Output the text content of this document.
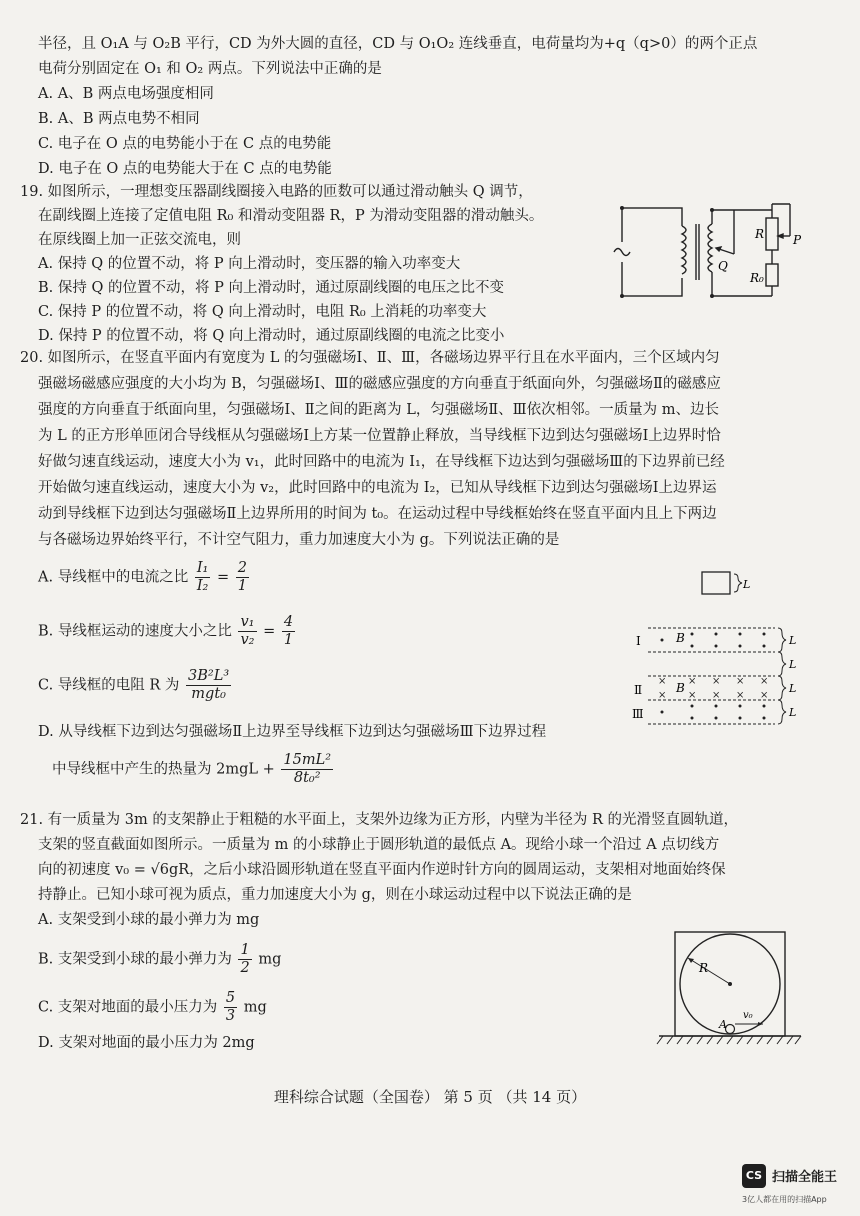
半径，且 O₁A 与 O₂B 平行，CD 为外大圆的直径，CD 与 O₁O₂ 连线垂直，电荷量均为+q（q>0）的两个正点
电荷分别固定在 O₁ 和 O₂ 两点。下列说法中正确的是
A. A、B 两点电场强度相同
B. A、B 两点电势不相同
C. 电子在 O 点的电势能小于在 C 点的电势能
D. 电子在 O 点的电势能大于在 C 点的电势能
19. 如图所示，一理想变压器副线圈接入电路的匝数可以通过滑动触头 Q 调节，
在副线圈上连接了定值电阻 R₀ 和滑动变阻器 R，P 为滑动变阻器的滑动触头。
在原线圈上加一正弦交流电，则
A. 保持 Q 的位置不动，将 P 向上滑动时，变压器的输入功率变大
B. 保持 Q 的位置不动，将 P 向上滑动时，通过原副线圈的电压之比不变
C. 保持 P 的位置不动，将 Q 向上滑动时，电阻 R₀ 上消耗的功率变大
D. 保持 P 的位置不动，将 Q 向上滑动时，通过原副线圈的电流之比变小
R P
Q
R₀
20. 如图所示，在竖直平面内有宽度为 L 的匀强磁场Ⅰ、Ⅱ、Ⅲ，各磁场边界平行且在水平面内，三个区域内匀
强磁场磁感应强度的大小均为 B，匀强磁场Ⅰ、Ⅲ的磁感应强度的方向垂直于纸面向外，匀强磁场Ⅱ的磁感应
强度的方向垂直于纸面向里，匀强磁场Ⅰ、Ⅱ之间的距离为 L，匀强磁场Ⅱ、Ⅲ依次相邻。一质量为 m、边长
为 L 的正方形单匝闭合导线框从匀强磁场Ⅰ上方某一位置静止释放，当导线框下边到达匀强磁场Ⅰ上边界时恰
好做匀速直线运动，速度大小为 v₁，此时回路中的电流为 I₁，在导线框下边达到匀强磁场Ⅲ的下边界前已经
开始做匀速直线运动，速度大小为 v₂，此时回路中的电流为 I₂，已知从导线框下边到达匀强磁场Ⅰ上边界运
动到导线框下边到达匀强磁场Ⅱ上边界所用的时间为 t₀。在运动过程中导线框始终在竖直平面内且上下两边
与各磁场边界始终平行，不计空气阻力，重力加速度大小为 g。下列说法正确的是
A. 导线框中的电流之比 $\frac{\text{I₁}}{\text{I₂}} = \frac{2}{1}$
B. 导线框运动的速度大小之比 $\frac{\text{v₁}}{\text{v₂}} = \frac{4}{1}$
C. 导线框的电阻 R 为 $\frac{\text{3B²L³}}{\text{mgt₀}}$
D. 从导线框下边到达匀强磁场Ⅱ上边界至导线框下边到达匀强磁场Ⅲ下边界过程
中导线框中产生的热量为 $2mgL + \frac{\text{15mL²}}{\text{8t₀²}}$
L
× × × × ×
× × × × ×
Ⅰ
Ⅱ
Ⅲ
B
B
L
L
L
L
21. 有一质量为 3m 的支架静止于粗糙的水平面上，支架外边缘为正方形，内壁为半径为 R 的光滑竖直圆轨道，
支架的竖直截面如图所示。一质量为 m 的小球静止于圆形轨道的最低点 A。现给小球一个沿过 A 点切线方
向的初速度 v₀ = √6gR，之后小球沿圆形轨道在竖直平面内作逆时针方向的圆周运动，支架相对地面始终保
持静止。已知小球可视为质点，重力加速度大小为 g，则在小球运动过程中以下说法正确的是
A. 支架受到小球的最小弹力为 mg
B. 支架受到小球的最小弹力为 $\frac{1}{2}$ mg
C. 支架对地面的最小压力为 $\frac{5}{3}$ mg
D. 支架对地面的最小压力为 2mg
R
A
v₀
理科综合试题（全国卷） 第 5 页 （共 14 页）
CS 扫描全能王
3亿人都在用的扫描App
